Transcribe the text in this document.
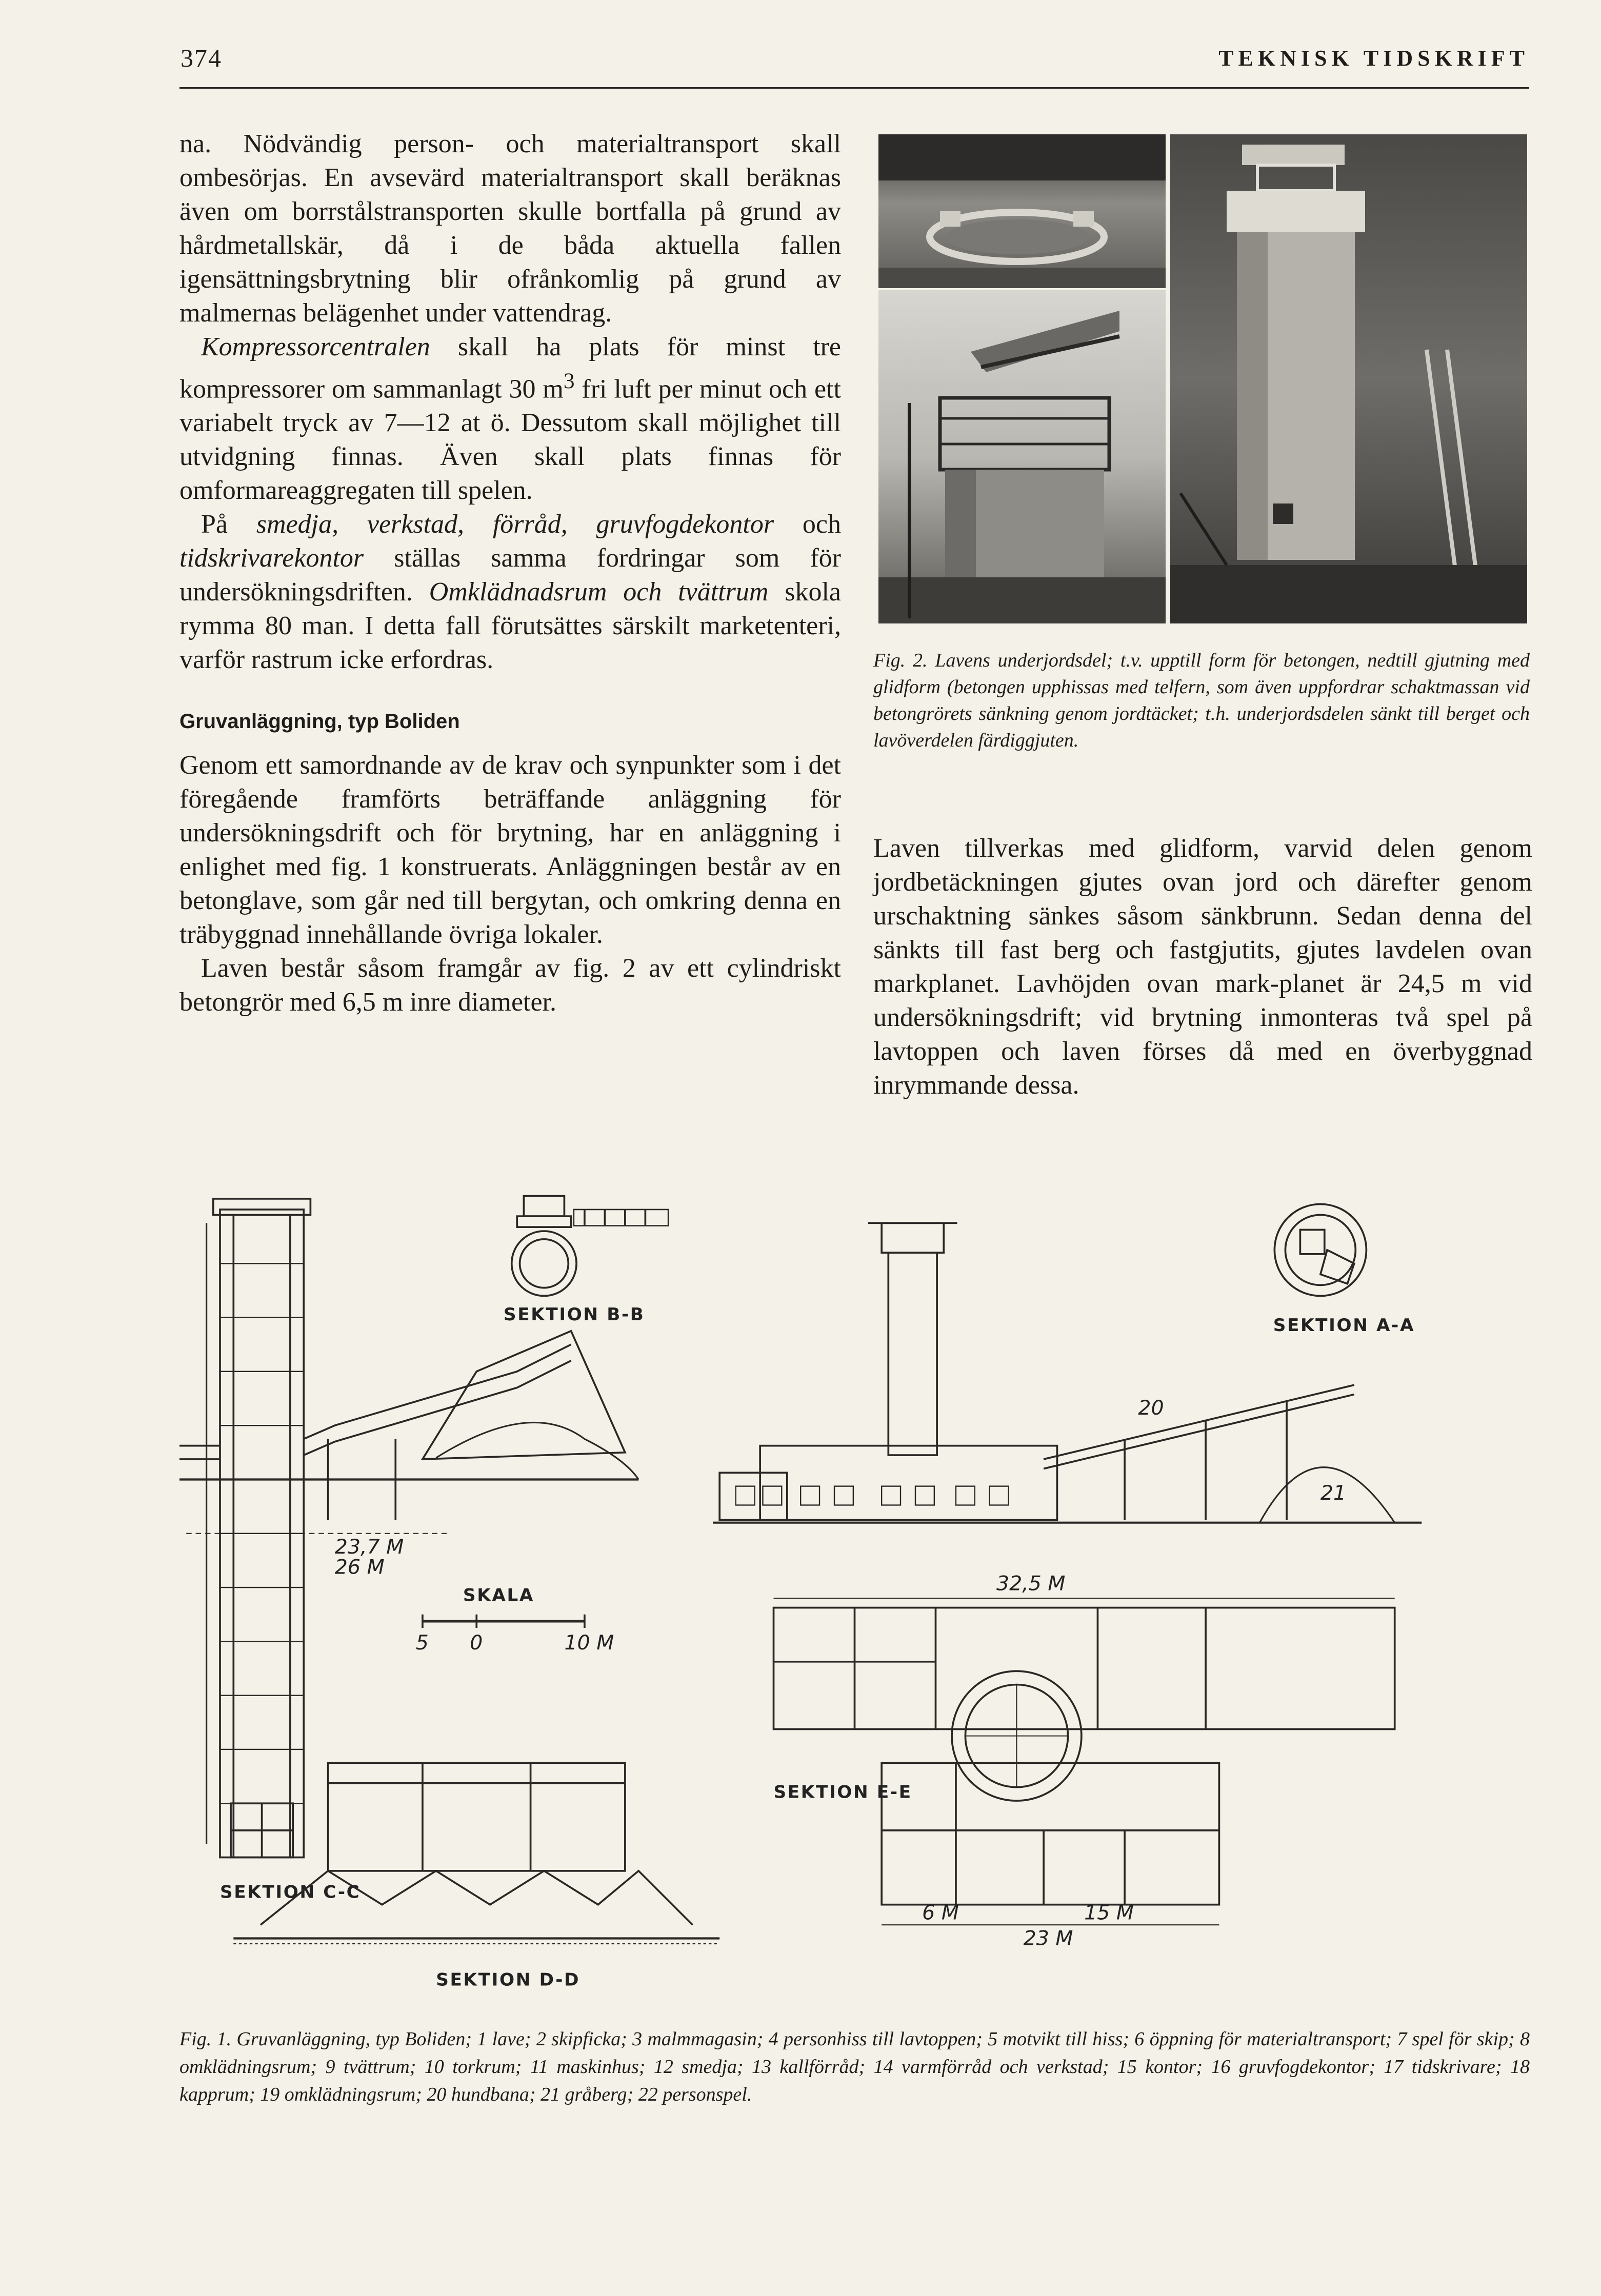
374	TEKNISK TIDSKRIFT

na. Nödvändig person- och materialtransport skall ombesörjas. En avsevärd materialtransport skall beräknas även om borrstålstransporten skulle bortfalla på grund av hårdmetallskär, då i de båda aktuella fallen igensättningsbrytning blir ofrånkomlig på grund av malmernas belägenhet under vattendrag.

Kompressorcentralen skall ha plats för minst tre kompressorer om sammanlagt 30 $m^3$ fri luft per minut och ett variabelt tryck av 7—12 at ö. Dessutom skall möjlighet till utvidgning finnas. Även skall plats finnas för omformareaggregaten till spelen.

På smedja, verkstad, förråd, gruvfogdekontor och tidskrivarekontor ställas samma fordringar som för undersökningsdriften. Omklädnadsrum och tvättrum skola rymma 80 man. I detta fall förutsättes särskilt marketenteri, varför rastrum icke erfordras.

Gruvanläggning, typ Boliden

Genom ett samordnande av de krav och synpunkter som i det föregående framförts beträffande anläggning för undersökningsdrift och för brytning, har en anläggning i enlighet med fig. 1 konstruerats. Anläggningen består av en betonglave, som går ned till bergytan, och omkring denna en träbyggnad innehållande övriga lokaler.

Laven består såsom framgår av fig. 2 av ett cylindriskt betongrör med 6,5 m inre diameter.

Fig. 2. Lavens underjordsdel; t.v. upptill form för betongen, nedtill gjutning med glidform (betongen upphissas med telfern, som även uppfordrar schaktmassan vid betongrörets sänkning genom jordtäcket; t.h. underjordsdelen sänkt till berget och lavöverdelen färdiggjuten.

Laven tillverkas med glidform, varvid delen genom jordbetäckningen gjutes ovan jord och därefter genom urschaktning sänkes såsom sänkbrunn. Sedan denna del sänkts till fast berg och fastgjutits, gjutes lavdelen ovan markplanet. Lavhöjden ovan mark-planet är 24,5 m vid undersökningsdrift; vid brytning inmonteras två spel på lavtoppen och laven förses då med en överbyggnad inrymmande dessa.

23,7 M
26 M
SEKTION C-C
SKALA
5	0	10 M
SEKTION B-B
SEKTION D-D
20
21
SEKTION A-A
32,5 M
6 M	15 M
23 M
SEKTION E-E
Fig. 1. Gruvanläggning, typ Boliden; 1 lave; 2 skipficka; 3 malmmagasin; 4 personhiss till lavtoppen; 5 motvikt till hiss; 6 öppning för materialtransport; 7 spel för skip; 8 omklädningsrum; 9 tvättrum; 10 torkrum; 11 maskinhus; 12 smedja; 13 kallförråd; 14 varmförråd och verkstad; 15 kontor; 16 gruvfogdekontor; 17 tidskrivare; 18 kapprum; 19 omklädningsrum; 20 hundbana; 21 gråberg; 22 personspel.
